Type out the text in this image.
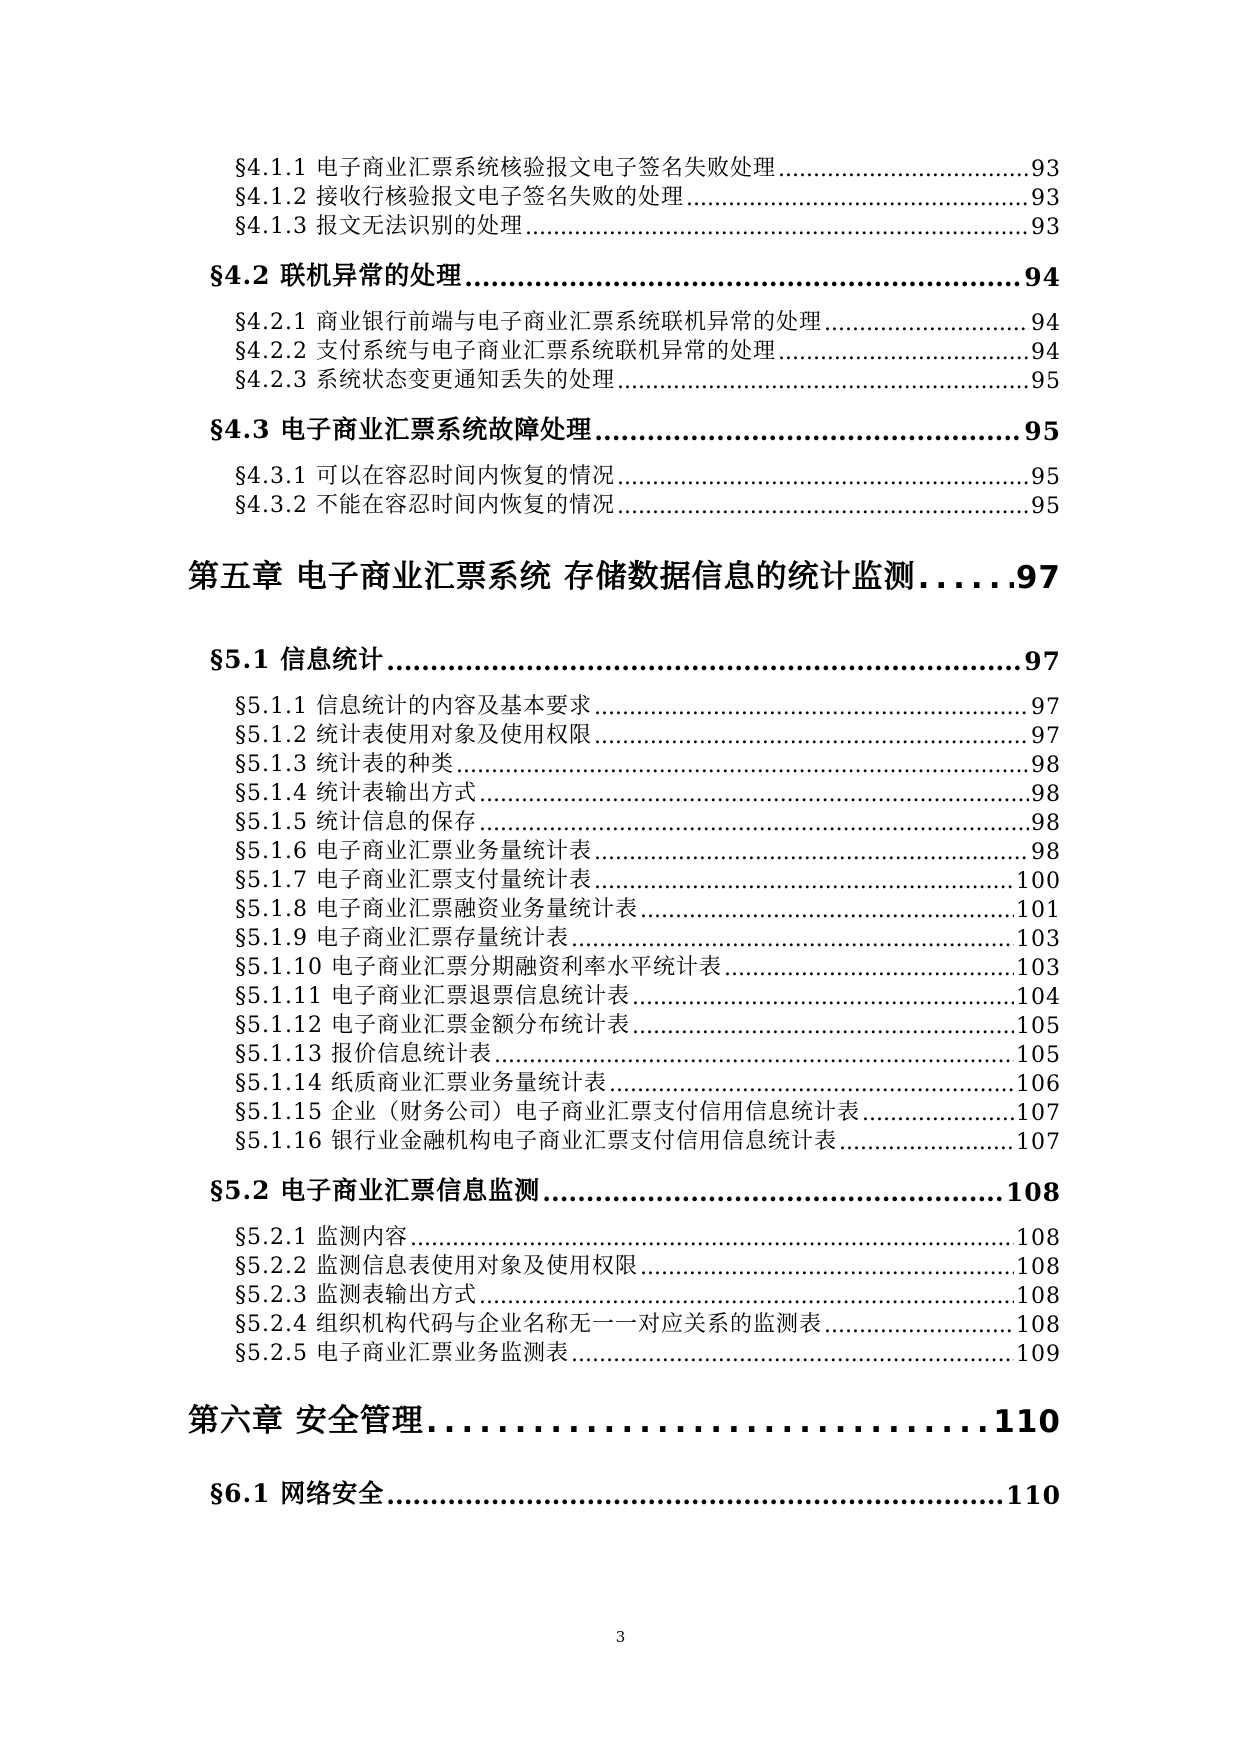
§4.1.1 电子商业汇票系统核验报文电子签名失败处理 .....	93
§4.1.2 接收行核验报文电子签名失败的处理 .....	93
§4.1.3 报文无法识别的处理 .....	93
§4.2 联机异常的处理 .....	94
§4.2.1 商业银行前端与电子商业汇票系统联机异常的处理 .....	94
§4.2.2 支付系统与电子商业汇票系统联机异常的处理 .....	94
§4.2.3 系统状态变更通知丢失的处理 .....	95
§4.3 电子商业汇票系统故障处理 .....	95
§4.3.1 可以在容忍时间内恢复的情况 .....	95
§4.3.2 不能在容忍时间内恢复的情况 .....	95
第五章 电子商业汇票系统 存储数据信息的统计监测 .....	97
§5.1 信息统计 .....	97
§5.1.1 信息统计的内容及基本要求 .....	97
§5.1.2 统计表使用对象及使用权限 .....	97
§5.1.3 统计表的种类 .....	98
§5.1.4 统计表输出方式 .....	98
§5.1.5 统计信息的保存 .....	98
§5.1.6 电子商业汇票业务量统计表 .....	98
§5.1.7 电子商业汇票支付量统计表 .....	100
§5.1.8 电子商业汇票融资业务量统计表 .....	101
§5.1.9 电子商业汇票存量统计表 .....	103
§5.1.10 电子商业汇票分期融资利率水平统计表 .....	103
§5.1.11 电子商业汇票退票信息统计表 .....	104
§5.1.12 电子商业汇票金额分布统计表 .....	105
§5.1.13 报价信息统计表 .....	105
§5.1.14 纸质商业汇票业务量统计表 .....	106
§5.1.15 企业（财务公司）电子商业汇票支付信用信息统计表 .....	107
§5.1.16 银行业金融机构电子商业汇票支付信用信息统计表 .....	107
§5.2 电子商业汇票信息监测 .....	108
§5.2.1 监测内容 .....	108
§5.2.2 监测信息表使用对象及使用权限 .....	108
§5.2.3 监测表输出方式 .....	108
§5.2.4 组织机构代码与企业名称无一一对应关系的监测表 .....	108
§5.2.5 电子商业汇票业务监测表 .....	109
第六章 安全管理 .....	110
§6.1 网络安全 .....	110
3
